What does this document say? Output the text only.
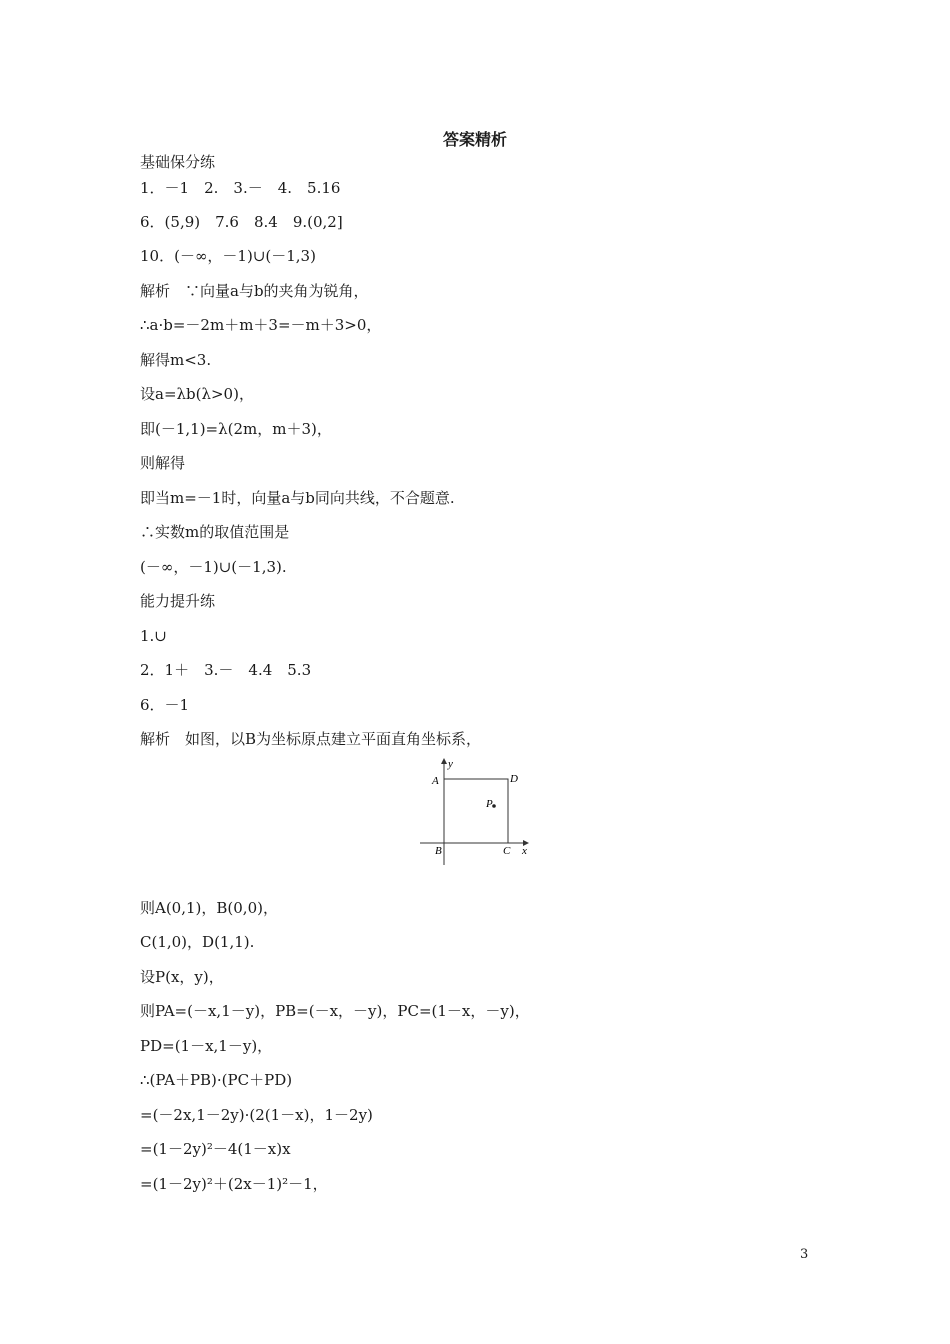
答案精析
基础保分练
1．－1　2.　3.－　4.　5.16
6．(5,9)　7.6　8.4　9.(0,2]
10．(－∞，－1)∪(－1,3)
解析　∵向量a与b的夹角为锐角，
∴a·b=－2m＋m＋3=－m＋3>0，
解得m<3.
设a=λb(λ>0)，
即(－1,1)=λ(2m，m＋3)，
则解得
即当m=－1时，向量a与b同向共线，不合题意.
∴实数m的取值范围是
(－∞，－1)∪(－1,3).
能力提升练
1.∪
2．1＋　3.－　4.4　5.3
6．－1
解析　如图，以B为坐标原点建立平面直角坐标系，
y
A	D
P
B	C x
则A(0,1)，B(0,0)，
C(1,0)，D(1,1).
设P(x，y)，
则PA=(－x,1－y)，PB=(－x，－y)，PC=(1－x，－y)，
PD=(1－x,1－y)，
∴(PA＋PB)·(PC＋PD)
=(－2x,1－2y)·(2(1－x)，1－2y)
=(1－2y)²－4(1－x)x
=(1－2y)²＋(2x－1)²－1，
3
